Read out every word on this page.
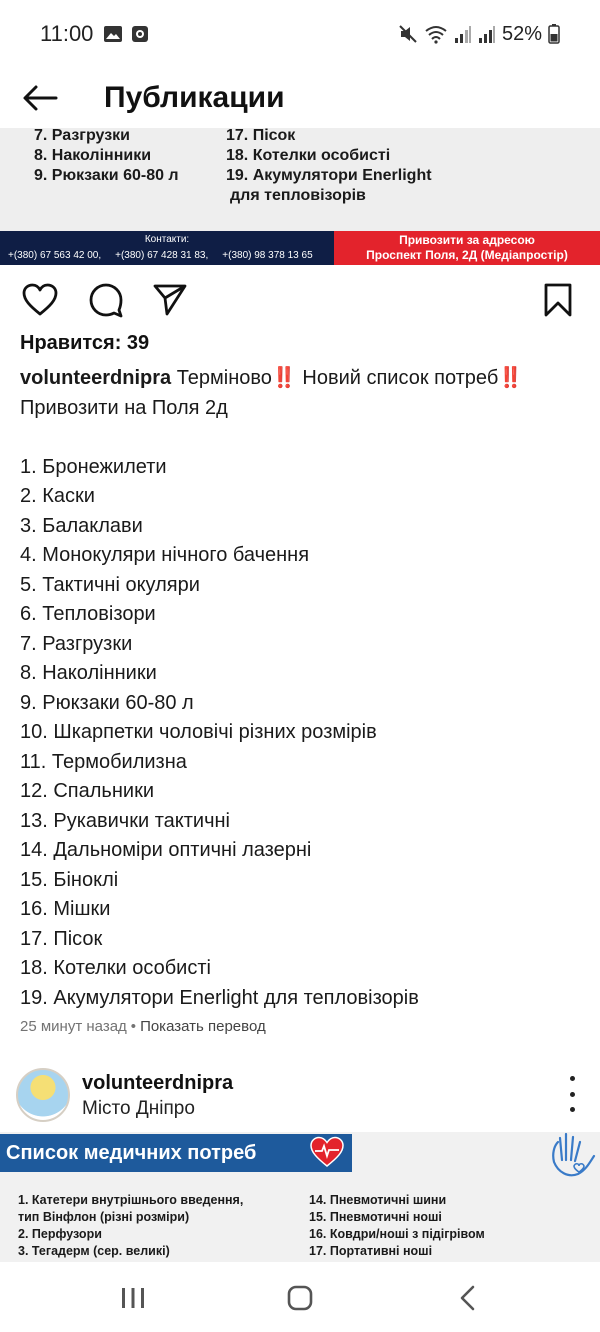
11:00	52%
Публикации
7. Разгрузки
8. Наколінники
9. Рюкзаки 60-80 л
17. Пісок
18. Котелки особисті
19. Акумулятори Enerlight
для тепловізорів
Контакти:
+(380) 67 563 42 00, +(380) 67 428 31 83, +(380) 98 378 13 65
Привозити за адресою
Проспект Поля, 2Д (Медіапростір)
Нравится: 39
volunteerdnipra Терміново‼️ Новий список потреб‼️
Привозити на Поля 2д
1. Бронежилети
2. Каски
3. Балаклави
4. Монокуляри нічного бачення
5. Тактичні окуляри
6. Тепловізори
7. Разгрузки
8. Наколінники
9. Рюкзаки 60-80 л
10. Шкарпетки чоловічі різних розмірів
11. Термобилизна
12. Спальники
13. Рукавички тактичні
14. Дальноміри оптичні лазерні
15. Біноклі
16. Мішки
17. Пісок
18. Котелки особисті
19. Акумулятори Enerlight для тепловізорів
25 минут назад • Показать перевод
volunteerdnipra
Місто Дніпро
Список медичних потреб
1. Катетери внутрішнього введення,
тип Вінфлон (різні розміри)
2. Перфузори
3. Тегадерм (сер. великі)
14. Пневмотичні шини
15. Пневмотичні ноші
16. Ковдри/ноші з підігрівом
17. Портативні ноші
